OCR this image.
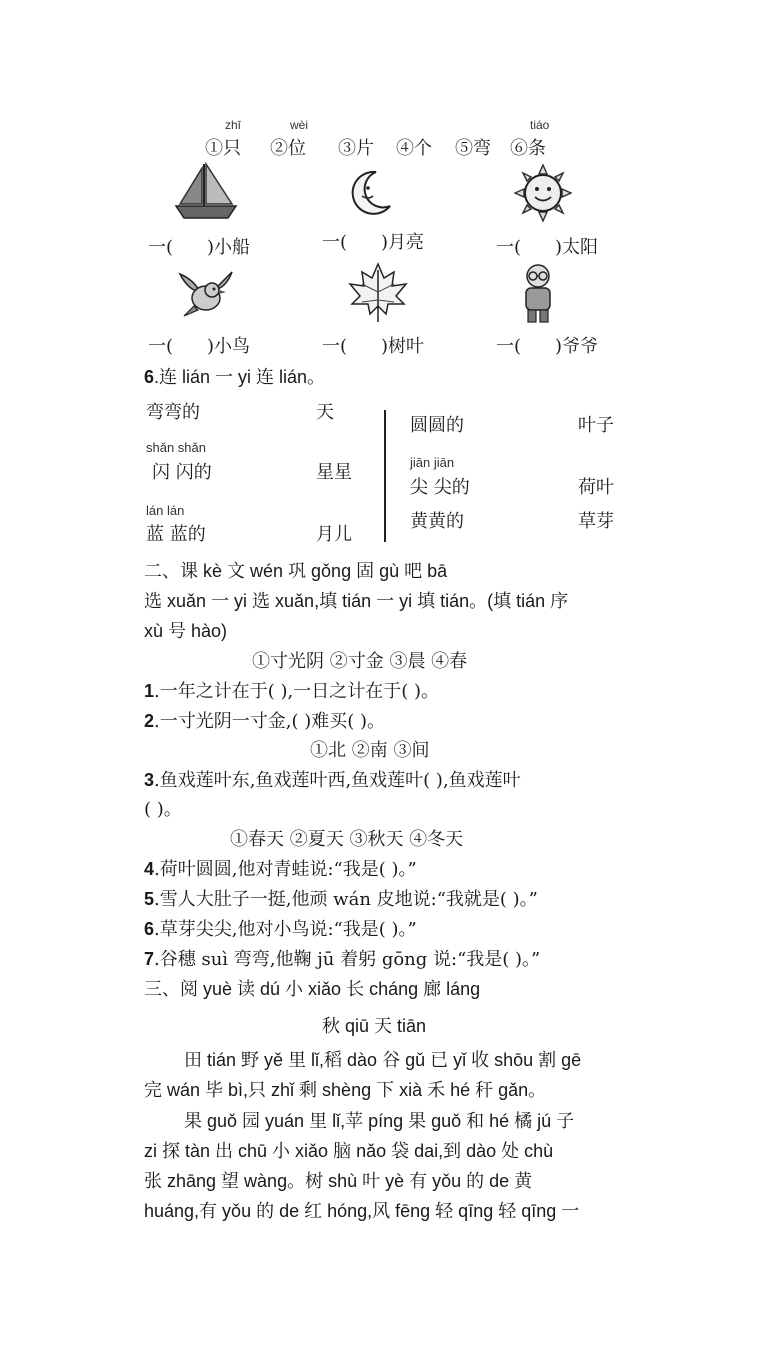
zhī	wèi	tiáo
①只 ②位 ③片 ④个 ⑤弯 ⑥条
一( )小船	一( )月亮	一( )太阳
一( )小鸟	一( )树叶	一( )爷爷
6.连 lián 一 yi 连 lián。
弯弯的	天
shǎn shǎn
闪 闪的	星星
lán lán
蓝 蓝的	月儿
圆圆的	叶子
jiān jiān
尖 尖的	荷叶
黄黄的	草芽
二、课 kè 文 wén 巩 gǒng 固 gù 吧 bā
选 xuǎn 一 yi 选 xuǎn,填 tián 一 yi 填 tián。(填 tián 序
xù 号 hào)
①寸光阴 ②寸金 ③晨 ④春
1.一年之计在于( ),一日之计在于( )。
2.一寸光阴一寸金,( )难买( )。
①北 ②南 ③间
3.鱼戏莲叶东,鱼戏莲叶西,鱼戏莲叶( ),鱼戏莲叶
( )。
①春天 ②夏天 ③秋天 ④冬天
4.荷叶圆圆,他对青蛙说:“我是( )。”
5.雪人大肚子一挺,他顽 wán 皮地说:“我就是( )。”
6.草芽尖尖,他对小鸟说:“我是( )。”
7.谷穗 suì 弯弯,他鞠 jū 着躬 gōng 说:“我是( )。”
三、阅 yuè 读 dú 小 xiǎo 长 cháng 廊 láng
秋 qiū 天 tiān
田 tián 野 yě 里 lǐ,稻 dào 谷 gǔ 已 yǐ 收 shōu 割 gē
完 wán 毕 bì,只 zhǐ 剩 shèng 下 xià 禾 hé 秆 gǎn。
果 guǒ 园 yuán 里 lǐ,苹 píng 果 guǒ 和 hé 橘 jú 子
zi 探 tàn 出 chū 小 xiǎo 脑 nǎo 袋 dai,到 dào 处 chù
张 zhāng 望 wàng。树 shù 叶 yè 有 yǒu 的 de 黄
huáng,有 yǒu 的 de 红 hóng,风 fēng 轻 qīng 轻 qīng 一
